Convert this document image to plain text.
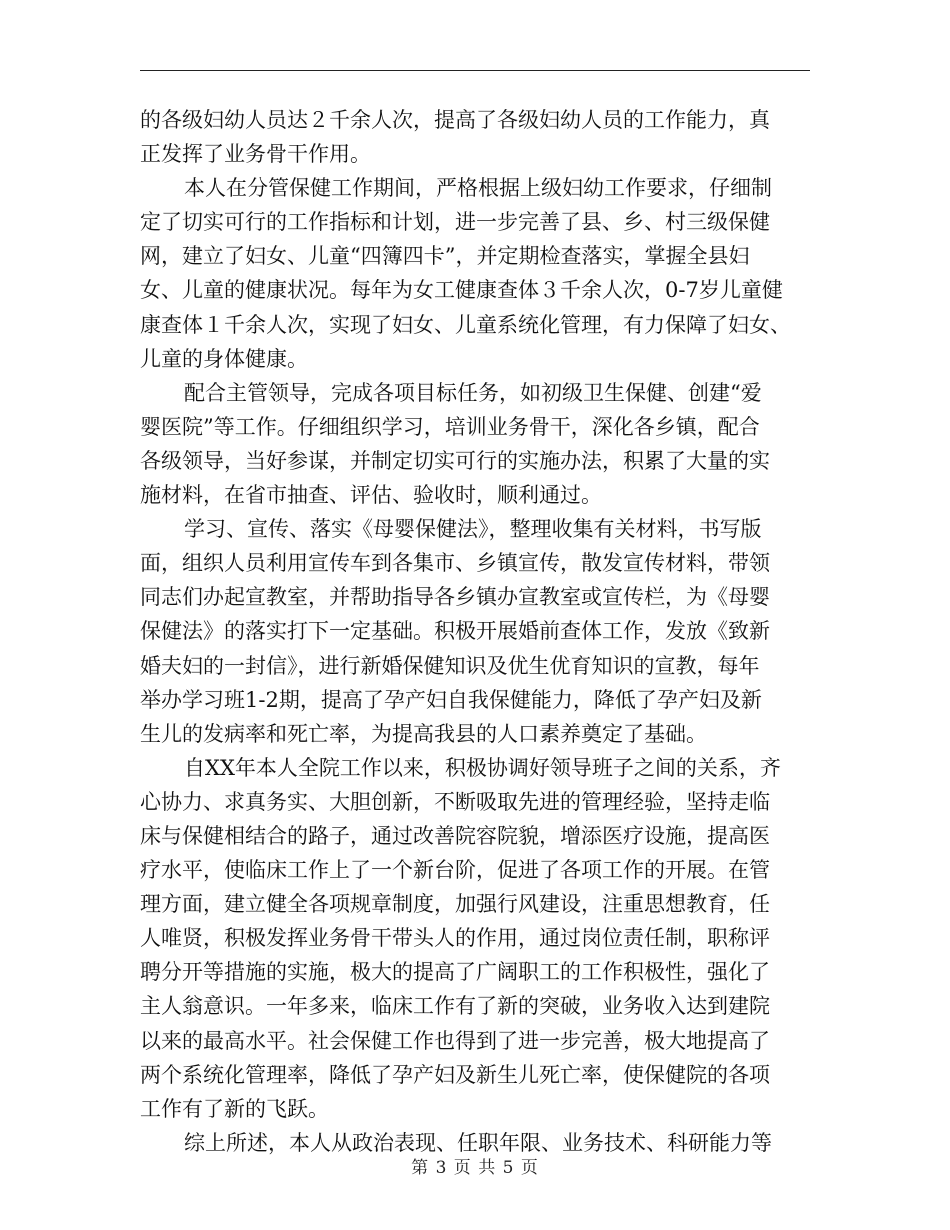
的各级妇幼人员达２千余人次，提高了各级妇幼人员的工作能力，真
正发挥了业务骨干作用。
本人在分管保健工作期间，严格根据上级妇幼工作要求，仔细制
定了切实可行的工作指标和计划，进一步完善了县、乡、村三级保健
网，建立了妇女、儿童“四簿四卡”，并定期检查落实，掌握全县妇
女、儿童的健康状况。每年为女工健康查体３千余人次，0-7岁儿童健
康查体１千余人次，实现了妇女、儿童系统化管理，有力保障了妇女、
儿童的身体健康。
配合主管领导，完成各项目标任务，如初级卫生保健、创建“爱
婴医院”等工作。仔细组织学习，培训业务骨干，深化各乡镇，配合
各级领导，当好参谋，并制定切实可行的实施办法，积累了大量的实
施材料，在省市抽查、评估、验收时，顺利通过。
学习、宣传、落实《母婴保健法》，整理收集有关材料，书写版
面，组织人员利用宣传车到各集市、乡镇宣传，散发宣传材料，带领
同志们办起宣教室，并帮助指导各乡镇办宣教室或宣传栏，为《母婴
保健法》的落实打下一定基础。积极开展婚前查体工作，发放《致新
婚夫妇的一封信》，进行新婚保健知识及优生优育知识的宣教，每年
举办学习班1-2期，提高了孕产妇自我保健能力，降低了孕产妇及新
生儿的发病率和死亡率，为提高我县的人口素养奠定了基础。
自XX年本人全院工作以来，积极协调好领导班子之间的关系，齐
心协力、求真务实、大胆创新，不断吸取先进的管理经验，坚持走临
床与保健相结合的路子，通过改善院容院貌，增添医疗设施，提高医
疗水平，使临床工作上了一个新台阶，促进了各项工作的开展。在管
理方面，建立健全各项规章制度，加强行风建设，注重思想教育，任
人唯贤，积极发挥业务骨干带头人的作用，通过岗位责任制，职称评
聘分开等措施的实施，极大的提高了广阔职工的工作积极性，强化了
主人翁意识。一年多来，临床工作有了新的突破，业务收入达到建院
以来的最高水平。社会保健工作也得到了进一步完善，极大地提高了
两个系统化管理率，降低了孕产妇及新生儿死亡率，使保健院的各项
工作有了新的飞跃。
综上所述，本人从政治表现、任职年限、业务技术、科研能力等
第 3 页 共 5 页
